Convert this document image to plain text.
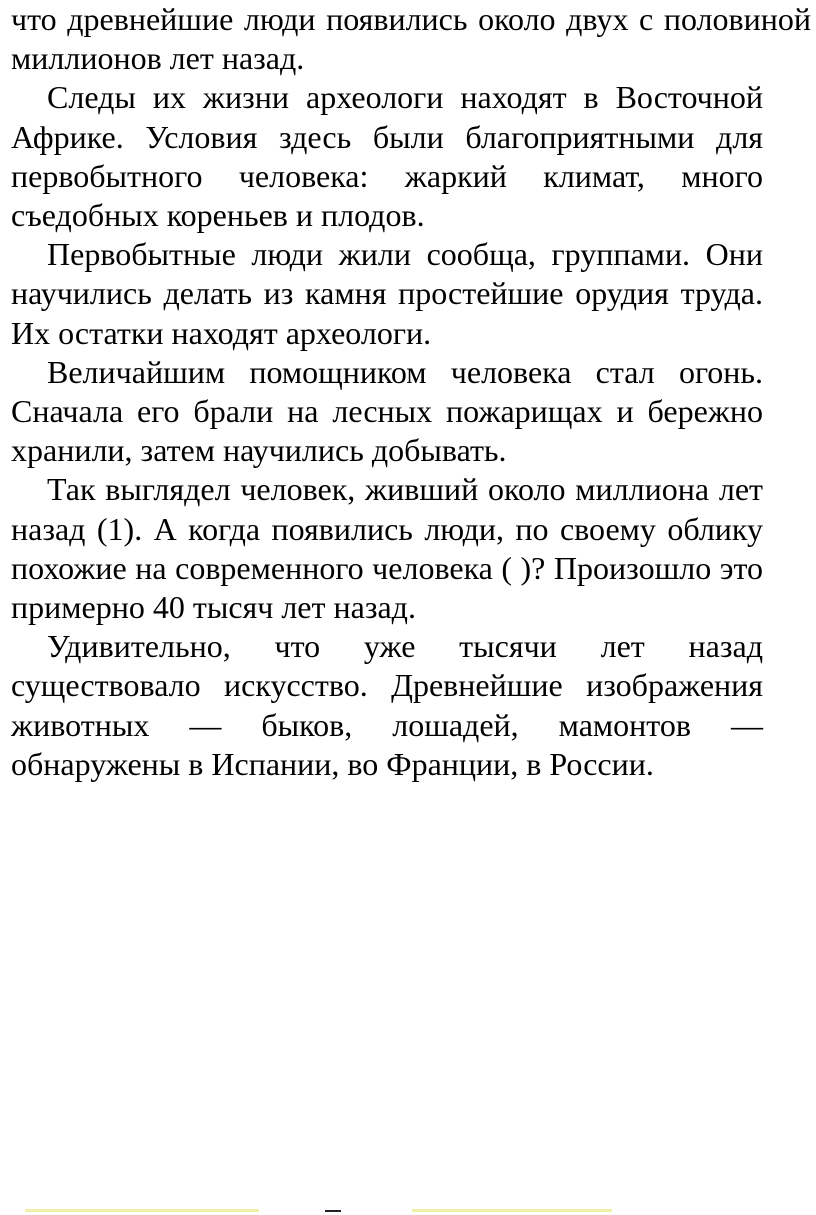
что древнейшие люди появились около двух с половиной миллионов лет назад.

Следы их жизни археологи находят в Восточной Африке. Условия здесь были благоприятными для первобытного человека: жаркий климат, много съедобных кореньев и плодов.

Первобытные люди жили сообща, группами. Они научились делать из камня простейшие орудия труда. Их остатки находят археологи.

Величайшим помощником человека стал огонь. Сначала его брали на лесных пожарищах и бережно хранили, затем научились добывать.

Так выглядел человек, живший около миллиона лет назад (1). А когда появились люди, по своему облику похожие на современного человека ( )? Произошло это примерно 40 тысяч лет назад.

Удивительно, что уже тысячи лет назад существовало искусство. Древнейшие изображения животных — быков, лошадей, мамонтов — обнаружены в Испании, во Франции, в России.
